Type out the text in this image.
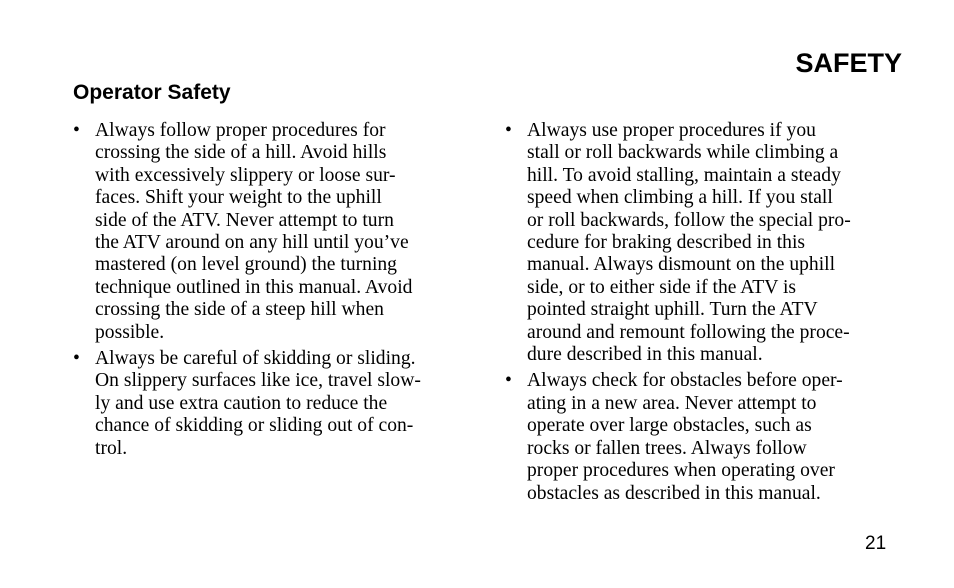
SAFETY
Operator Safety
• Always follow proper procedures for
crossing the side of a hill. Avoid hills
with excessively slippery or loose sur-
faces. Shift your weight to the uphill
side of the ATV. Never attempt to turn
the ATV around on any hill until you’ve
mastered (on level ground) the turning
technique outlined in this manual. Avoid
crossing the side of a steep hill when
possible.
• Always be careful of skidding or sliding.
On slippery surfaces like ice, travel slow-
ly and use extra caution to reduce the
chance of skidding or sliding out of con-
trol.
• Always use proper procedures if you
stall or roll backwards while climbing a
hill. To avoid stalling, maintain a steady
speed when climbing a hill. If you stall
or roll backwards, follow the special pro-
cedure for braking described in this
manual. Always dismount on the uphill
side, or to either side if the ATV is
pointed straight uphill. Turn the ATV
around and remount following the proce-
dure described in this manual.
• Always check for obstacles before oper-
ating in a new area. Never attempt to
operate over large obstacles, such as
rocks or fallen trees. Always follow
proper procedures when operating over
obstacles as described in this manual.
21
